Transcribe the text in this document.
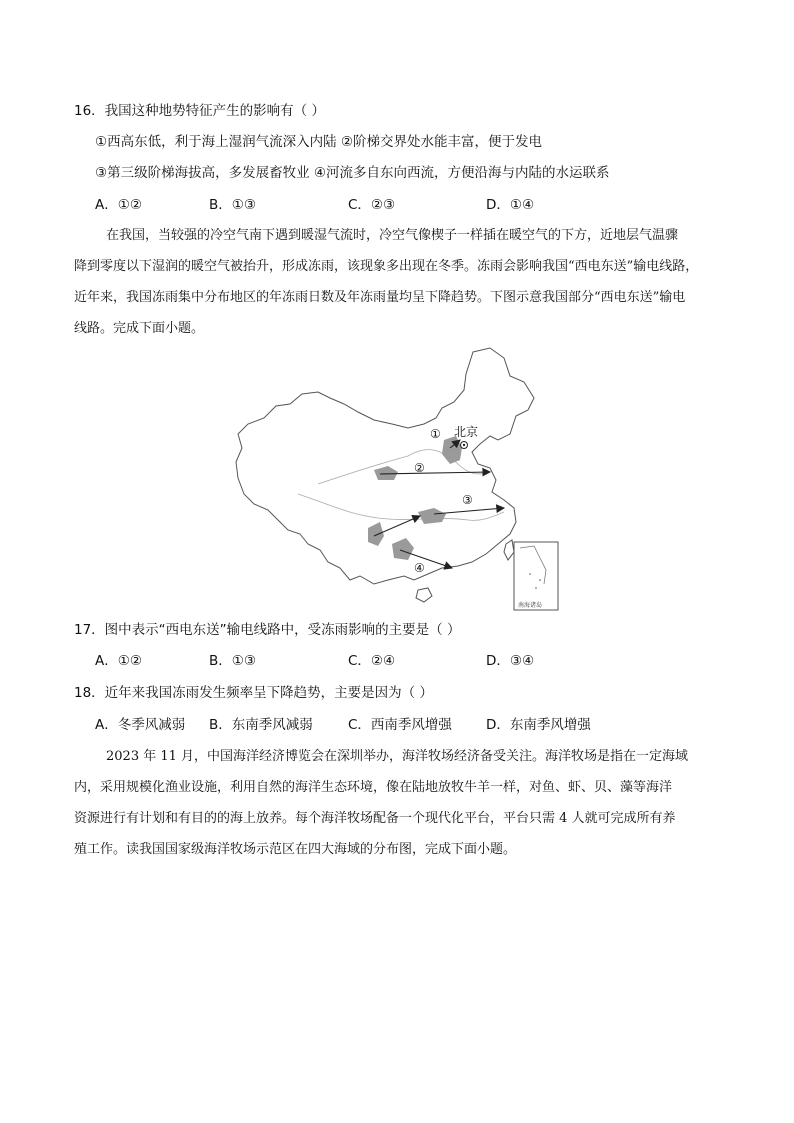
16．我国这种地势特征产生的影响有（ ）
①西高东低，利于海上湿润气流深入内陆 ②阶梯交界处水能丰富，便于发电
③第三级阶梯海拔高，多发展畜牧业 ④河流多自东向西流，方便沿海与内陆的水运联系
A．①②	B．①③	C．②③	D．①④
在我国，当较强的冷空气南下遇到暖湿气流时，冷空气像楔子一样插在暖空气的下方，近地层气温骤
降到零度以下湿润的暖空气被抬升，形成冻雨，该现象多出现在冬季。冻雨会影响我国“西电东送”输电线路，
近年来，我国冻雨集中分布地区的年冻雨日数及年冻雨量均呈下降趋势。下图示意我国部分“西电东送”输电
线路。完成下面小题。
北京
①
②
③
④
南海诸岛
17．图中表示“西电东送”输电线路中，受冻雨影响的主要是（ ）
A．①②	B．①③	C．②④	D．③④
18．近年来我国冻雨发生频率呈下降趋势，主要是因为（ ）
A．冬季风减弱 B．东南季风减弱	C．西南季风增强	D．东南季风增强
2023 年 11 月，中国海洋经济博览会在深圳举办，海洋牧场经济备受关注。海洋牧场是指在一定海域
内，采用规模化渔业设施，利用自然的海洋生态环境，像在陆地放牧牛羊一样，对鱼、虾、贝、藻等海洋
资源进行有计划和有目的的海上放养。每个海洋牧场配备一个现代化平台，平台只需 4 人就可完成所有养
殖工作。读我国国家级海洋牧场示范区在四大海域的分布图，完成下面小题。
